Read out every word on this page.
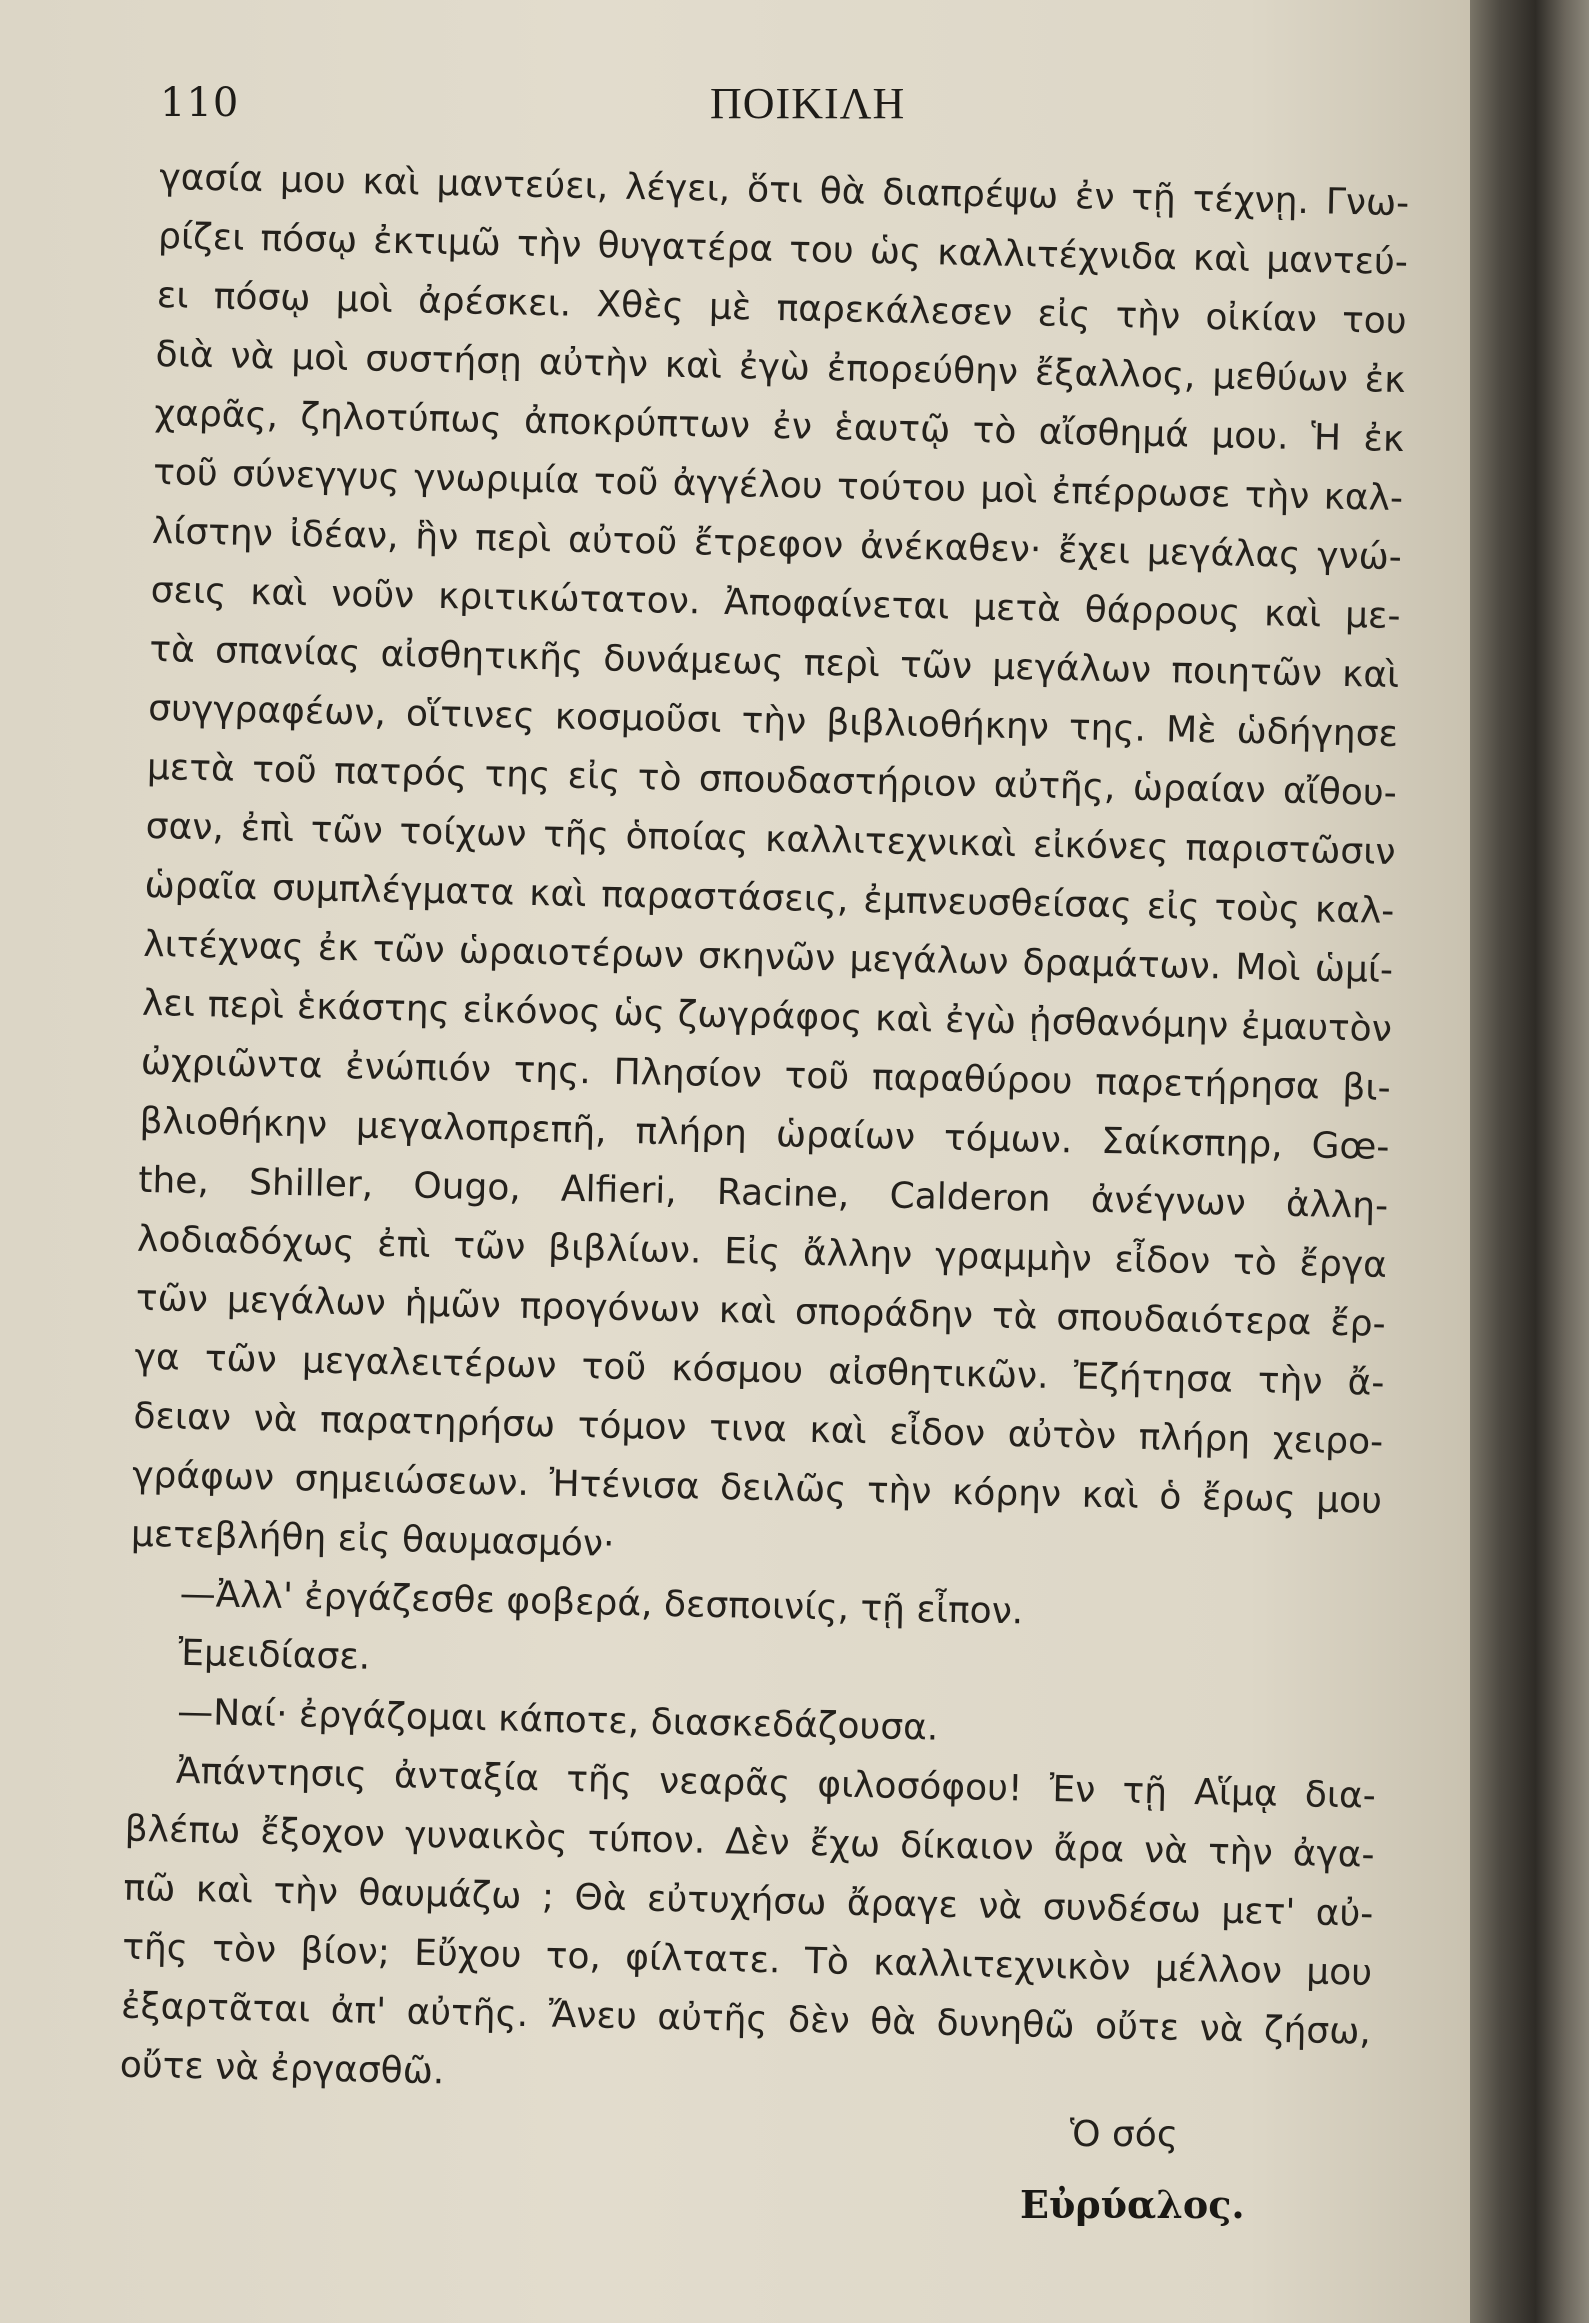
110	ΠΟΙΚΙΛΗ
γασία μου καὶ μαντεύει, λέγει, ὅτι θὰ διαπρέψω ἐν τῇ τέχνῃ. Γνω-
ρίζει πόσῳ ἐκτιμῶ τὴν θυγατέρα του ὡς καλλιτέχνιδα καὶ μαντεύ-
ει πόσῳ μοὶ ἀρέσκει. Χθὲς μὲ παρεκάλεσεν εἰς τὴν οἰκίαν του
διὰ νὰ μοὶ συστήσῃ αὐτὴν καὶ ἐγὼ ἐπορεύθην ἔξαλλος, μεθύων ἐκ
χαρᾶς, ζηλοτύπως ἀποκρύπτων ἐν ἑαυτῷ τὸ αἴσθημά μου. Ἡ ἐκ
τοῦ σύνεγγυς γνωριμία τοῦ ἀγγέλου τούτου μοὶ ἐπέρρωσε τὴν καλ-
λίστην ἰδέαν, ἣν περὶ αὐτοῦ ἔτρεφον ἀνέκαθεν· ἔχει μεγάλας γνώ-
σεις καὶ νοῦν κριτικώτατον. Ἀποφαίνεται μετὰ θάρρους καὶ με-
τὰ σπανίας αἰσθητικῆς δυνάμεως περὶ τῶν μεγάλων ποιητῶν καὶ
συγγραφέων, οἵτινες κοσμοῦσι τὴν βιβλιοθήκην της. Μὲ ὡδήγησε
μετὰ τοῦ πατρός της εἰς τὸ σπουδαστήριον αὐτῆς, ὡραίαν αἴθου-
σαν, ἐπὶ τῶν τοίχων τῆς ὁποίας καλλιτεχνικαὶ εἰκόνες παριστῶσιν
ὡραῖα συμπλέγματα καὶ παραστάσεις, ἐμπνευσθείσας εἰς τοὺς καλ-
λιτέχνας ἐκ τῶν ὡραιοτέρων σκηνῶν μεγάλων δραμάτων. Μοὶ ὡμί-
λει περὶ ἑκάστης εἰκόνος ὡς ζωγράφος καὶ ἐγὼ ᾐσθανόμην ἐμαυτὸν
ὠχριῶντα ἐνώπιόν της. Πλησίον τοῦ παραθύρου παρετήρησα βι-
βλιοθήκην μεγαλοπρεπῆ, πλήρη ὡραίων τόμων. Σαίκσπηρ, Gœ-
the, Shiller, Ougo, Alfieri, Racine, Calderon ἀνέγνων ἀλλη-
λοδιαδόχως ἐπὶ τῶν βιβλίων. Εἰς ἄλλην γραμμὴν εἶδον τὸ ἔργα
τῶν μεγάλων ἡμῶν προγόνων καὶ σποράδην τὰ σπουδαιότερα ἔρ-
γα τῶν μεγαλειτέρων τοῦ κόσμου αἰσθητικῶν. Ἐζήτησα τὴν ἄ-
δειαν νὰ παρατηρήσω τόμον τινα καὶ εἶδον αὐτὸν πλήρη χειρο-
γράφων σημειώσεων. Ἠτένισα δειλῶς τὴν κόρην καὶ ὁ ἔρως μου
μετεβλήθη εἰς θαυμασμόν·
—Ἀλλ' ἐργάζεσθε φοβερά, δεσποινίς, τῇ εἶπον.
Ἐμειδίασε.
—Ναί· ἐργάζομαι κάποτε, διασκεδάζουσα.
Ἀπάντησις ἀνταξία τῆς νεαρᾶς φιλοσόφου! Ἐν τῇ Αἵμᾳ δια-
βλέπω ἔξοχον γυναικὸς τύπον. Δὲν ἔχω δίκαιον ἄρα νὰ τὴν ἀγα-
πῶ καὶ τὴν θαυμάζω ; Θὰ εὐτυχήσω ἄραγε νὰ συνδέσω μετ' αὐ-
τῆς τὸν βίον; Εὔχου το, φίλτατε. Τὸ καλλιτεχνικὸν μέλλον μου
ἐξαρτᾶται ἀπ' αὐτῆς. Ἄνευ αὐτῆς δὲν θὰ δυνηθῶ οὔτε νὰ ζήσω,
οὔτε νὰ ἐργασθῶ.
Ὁ σός
Εὐρύαλος.
